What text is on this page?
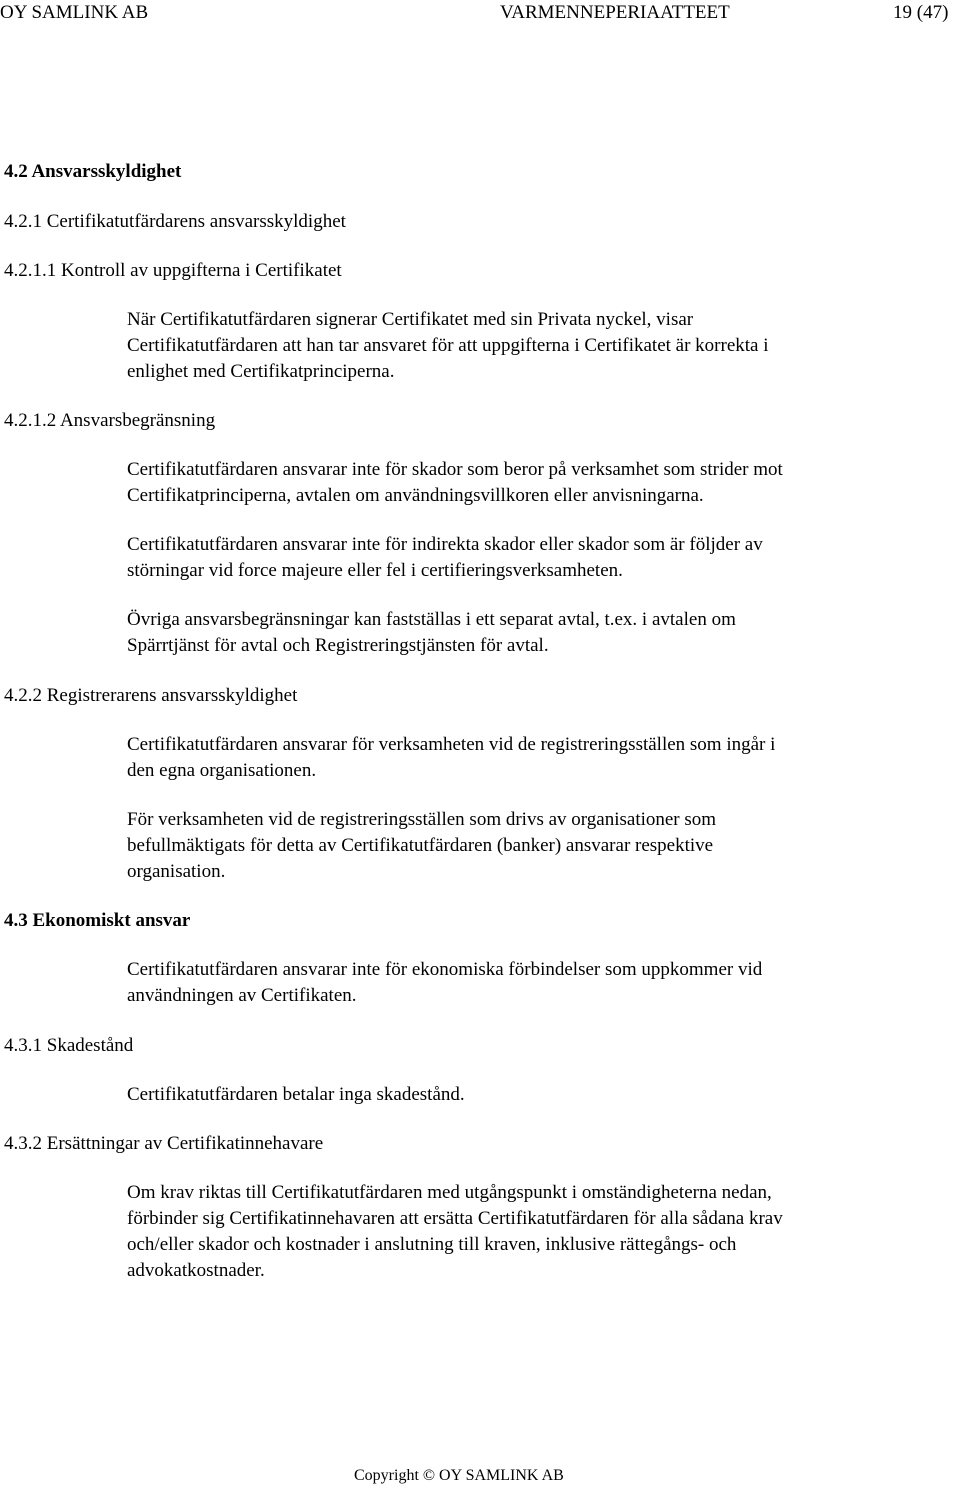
OY SAMLINK AB	VARMENNEPERIAATTEET	19 (47)
4.2 Ansvarsskyldighet
4.2.1 Certifikatutfärdarens ansvarsskyldighet
4.2.1.1 Kontroll av uppgifterna i Certifikatet
När Certifikatutfärdaren signerar Certifikatet med sin Privata nyckel, visar
Certifikatutfärdaren att han tar ansvaret för att uppgifterna i Certifikatet är korrekta i
enlighet med Certifikatprinciperna.
4.2.1.2 Ansvarsbegränsning
Certifikatutfärdaren ansvarar inte för skador som beror på verksamhet som strider mot
Certifikatprinciperna, avtalen om användningsvillkoren eller anvisningarna.
Certifikatutfärdaren ansvarar inte för indirekta skador eller skador som är följder av
störningar vid force majeure eller fel i certifieringsverksamheten.
Övriga ansvarsbegränsningar kan fastställas i ett separat avtal, t.ex. i avtalen om
Spärrtjänst för avtal och Registreringstjänsten för avtal.
4.2.2 Registrerarens ansvarsskyldighet
Certifikatutfärdaren ansvarar för verksamheten vid de registreringsställen som ingår i
den egna organisationen.
För verksamheten vid de registreringsställen som drivs av organisationer som
befullmäktigats för detta av Certifikatutfärdaren (banker) ansvarar respektive
organisation.
4.3 Ekonomiskt ansvar
Certifikatutfärdaren ansvarar inte för ekonomiska förbindelser som uppkommer vid
användningen av Certifikaten.
4.3.1 Skadestånd
Certifikatutfärdaren betalar inga skadestånd.
4.3.2 Ersättningar av Certifikatinnehavare
Om krav riktas till Certifikatutfärdaren med utgångspunkt i omständigheterna nedan,
förbinder sig Certifikatinnehavaren att ersätta Certifikatutfärdaren för alla sådana krav
och/eller skador och kostnader i anslutning till kraven, inklusive rättegångs- och
advokatkostnader.
Copyright © OY SAMLINK AB
